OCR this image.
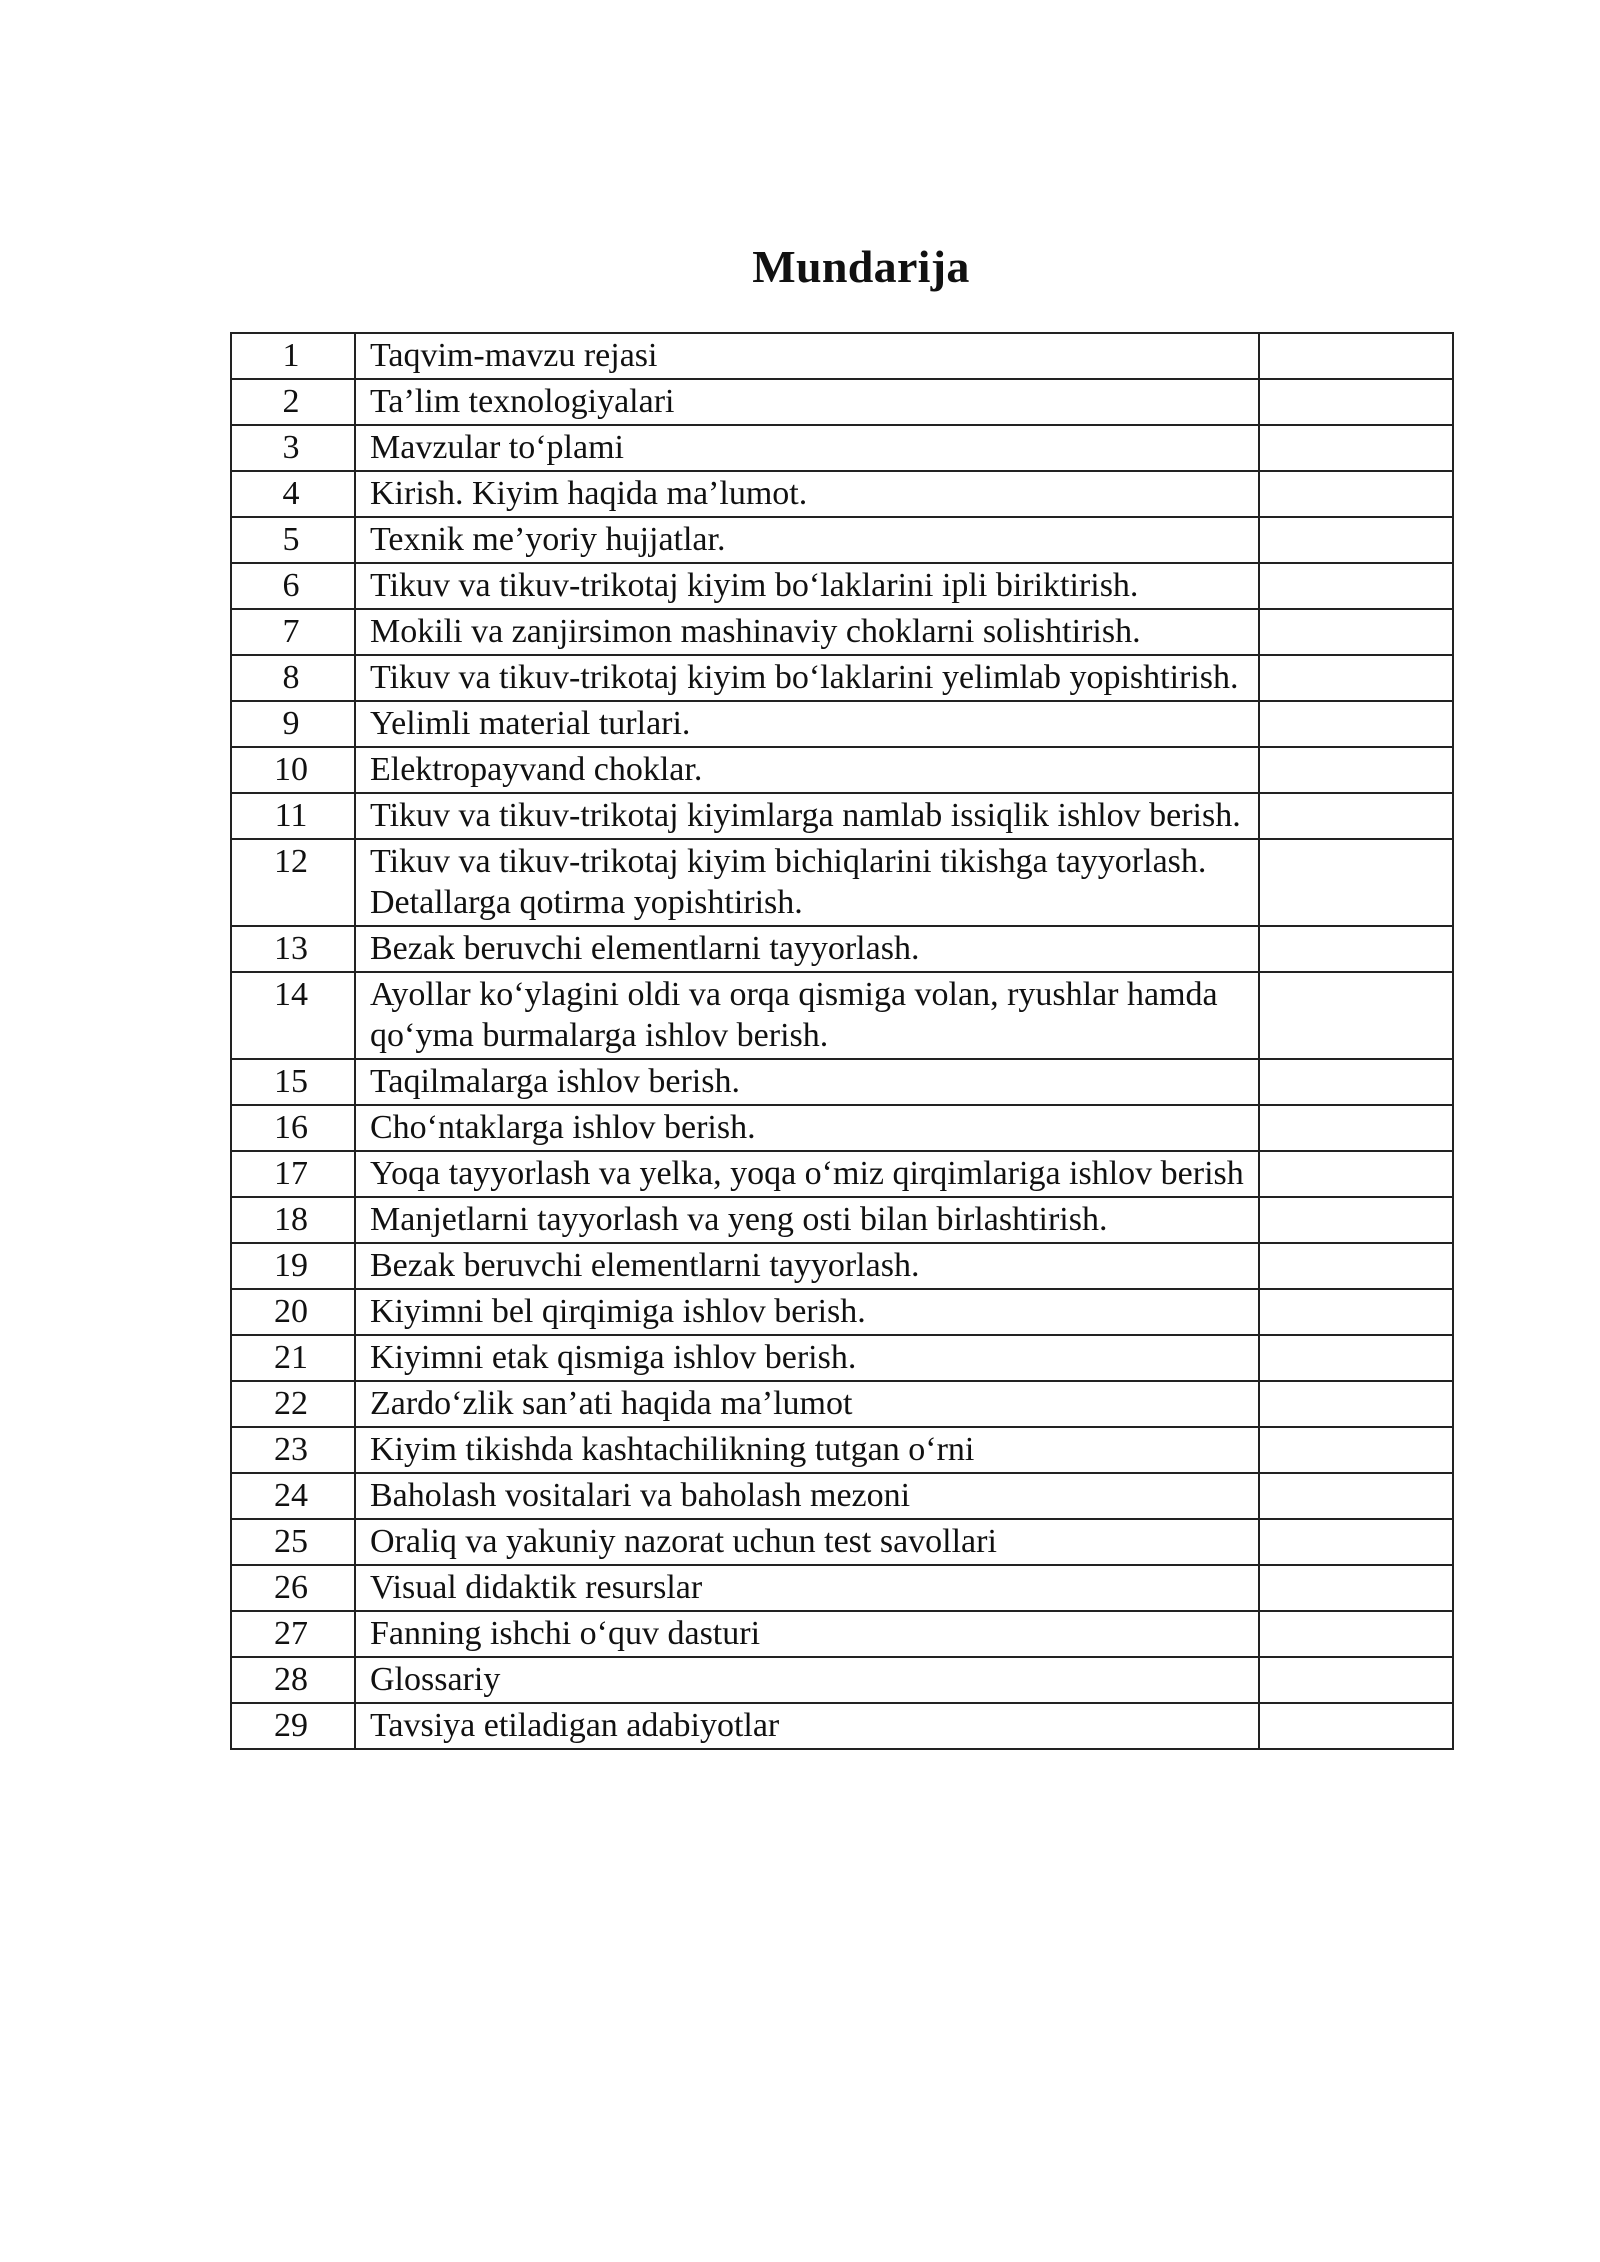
Mundarija
1	Taqvim-mavzu rejasi	
2	Ta’lim texnologiyalari	
3	Mavzular to‘plami	
4	Kirish. Kiyim haqida ma’lumot.	
5	Texnik me’yoriy hujjatlar.	
6	Tikuv va tikuv-trikotaj kiyim bo‘laklarini ipli biriktirish.	
7	Mokili va zanjirsimon mashinaviy choklarni solishtirish.	
8	Tikuv va tikuv-trikotaj kiyim bo‘laklarini yelimlab yopishtirish.	
9	Yelimli material turlari.	
10	Elektropayvand choklar.	
11	Tikuv va tikuv-trikotaj kiyimlarga namlab issiqlik ishlov berish.	
12	Tikuv va tikuv-trikotaj kiyim bichiqlarini tikishga tayyorlash. Detallarga qotirma yopishtirish.	
13	Bezak beruvchi elementlarni tayyorlash.	
14	Ayollar ko‘ylagini oldi va orqa qismiga volan, ryushlar hamda qo‘yma burmalarga ishlov berish.	
15	Taqilmalarga ishlov berish.	
16	Cho‘ntaklarga ishlov berish.	
17	Yoqa tayyorlash va yelka, yoqa o‘miz qirqimlariga ishlov berish	
18	Manjetlarni tayyorlash va yeng osti bilan birlashtirish.	
19	Bezak beruvchi elementlarni tayyorlash.	
20	Kiyimni bel qirqimiga ishlov berish.	
21	Kiyimni etak qismiga ishlov berish.	
22	Zardo‘zlik san’ati haqida ma’lumot	
23	Kiyim tikishda kashtachilikning tutgan o‘rni	
24	Baholash vositalari va baholash mezoni	
25	Oraliq va yakuniy nazorat uchun test savollari	
26	Visual didaktik resurslar	
27	Fanning ishchi o‘quv dasturi	
28	Glossariy	
29	Tavsiya etiladigan adabiyotlar	
